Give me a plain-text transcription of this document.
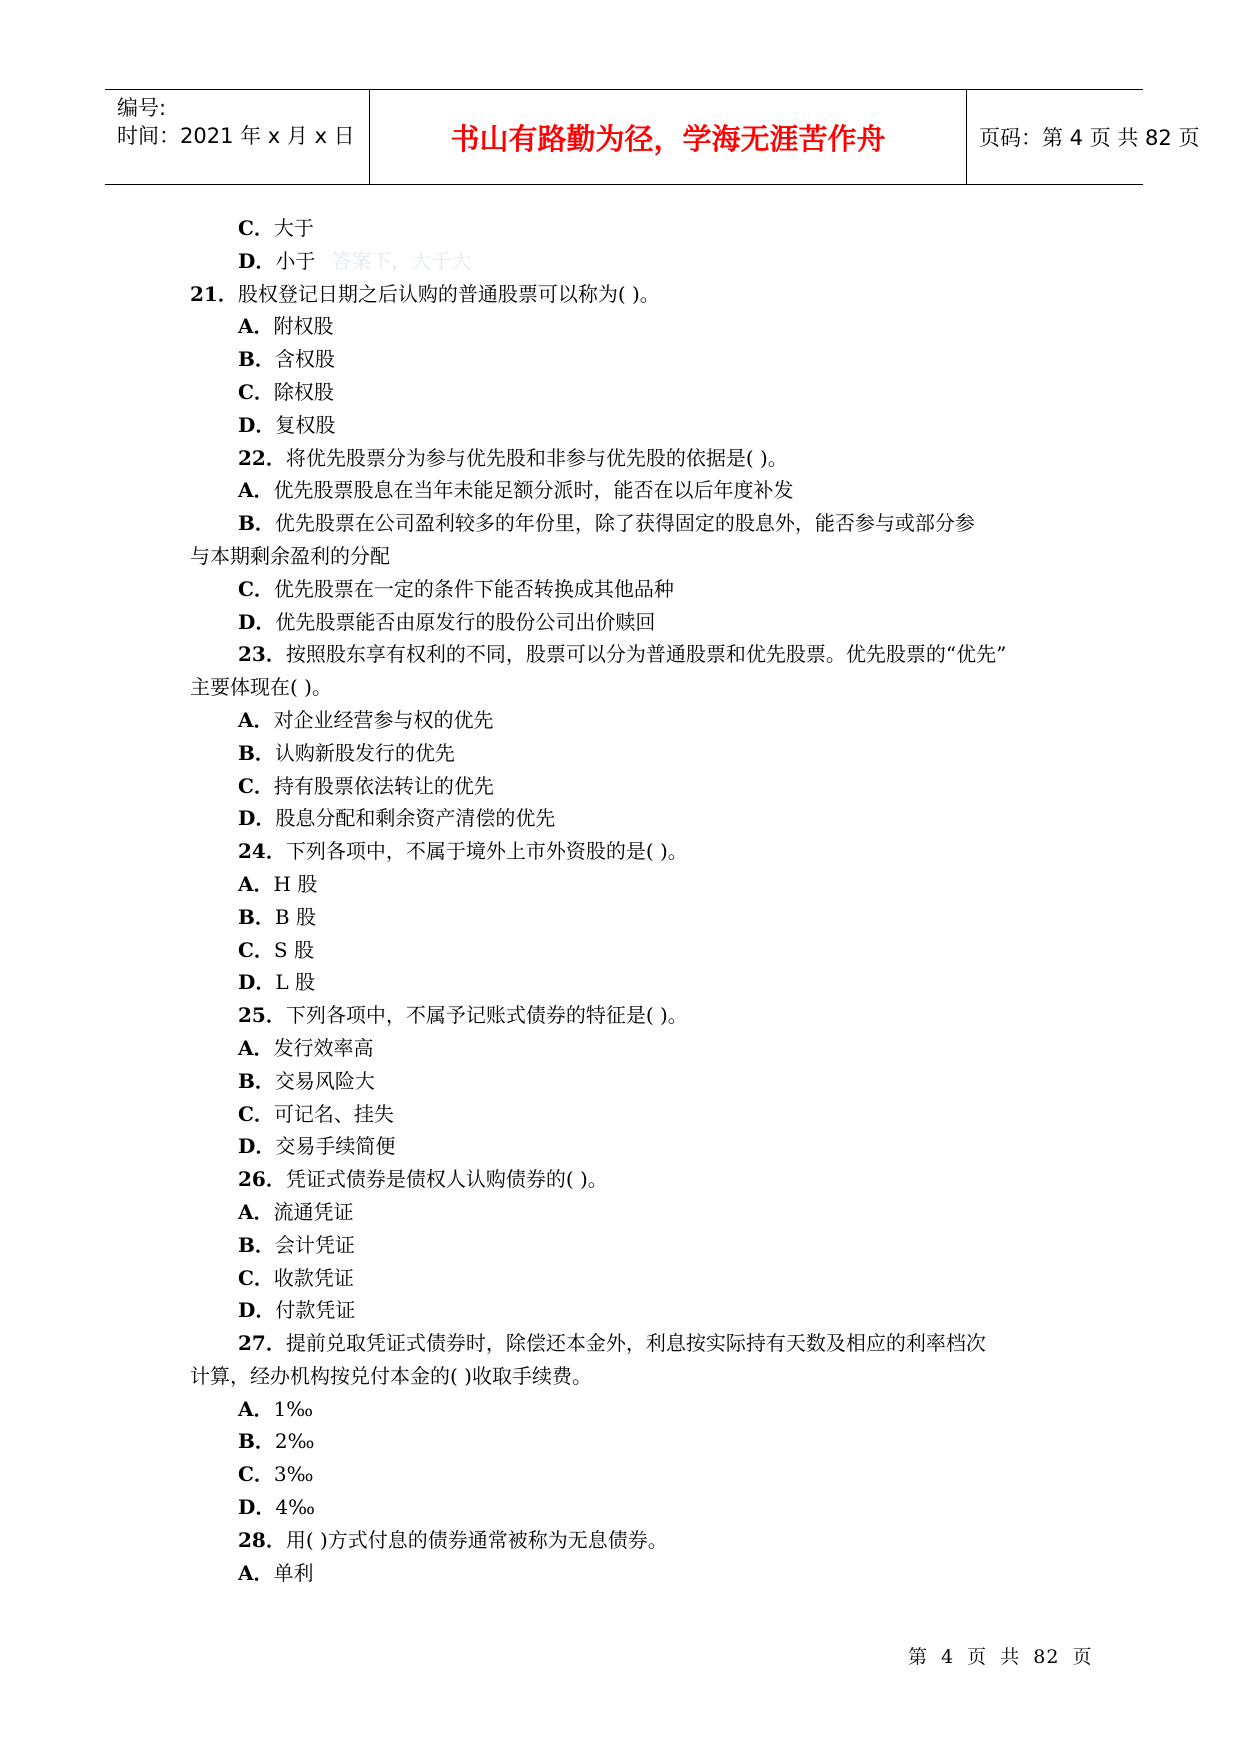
编号:
时间：2021 年 x 月 x 日	书山有路勤为径，学海无涯苦作舟	页码：第 4 页 共 82 页
C．大于
D．小于 答案下，大于大
21．股权登记日期之后认购的普通股票可以称为( )。
A．附权股
B．含权股
C．除权股
D．复权股
22．将优先股票分为参与优先股和非参与优先股的依据是( )。
A．优先股票股息在当年未能足额分派时，能否在以后年度补发
B．优先股票在公司盈利较多的年份里，除了获得固定的股息外，能否参与或部分参
与本期剩余盈利的分配
C．优先股票在一定的条件下能否转换成其他品种
D．优先股票能否由原发行的股份公司出价赎回
23．按照股东享有权利的不同，股票可以分为普通股票和优先股票。优先股票的“优先”
主要体现在( )。
A．对企业经营参与权的优先
B．认购新股发行的优先
C．持有股票依法转让的优先
D．股息分配和剩余资产清偿的优先
24．下列各项中，不属于境外上市外资股的是( )。
A．H 股
B．B 股
C．S 股
D．L 股
25．下列各项中，不属予记账式债券的特征是( )。
A．发行效率高
B．交易风险大
C．可记名、挂失
D．交易手续简便
26．凭证式债券是债权人认购债券的( )。
A．流通凭证
B．会计凭证
C．收款凭证
D．付款凭证
27．提前兑取凭证式债券时，除偿还本金外，利息按实际持有天数及相应的利率档次
计算，经办机构按兑付本金的( )收取手续费。
A．1‰
B．2‰
C．3‰
D．4‰
28．用( )方式付息的债券通常被称为无息债券。
A．单利
第 4 页 共 82 页
